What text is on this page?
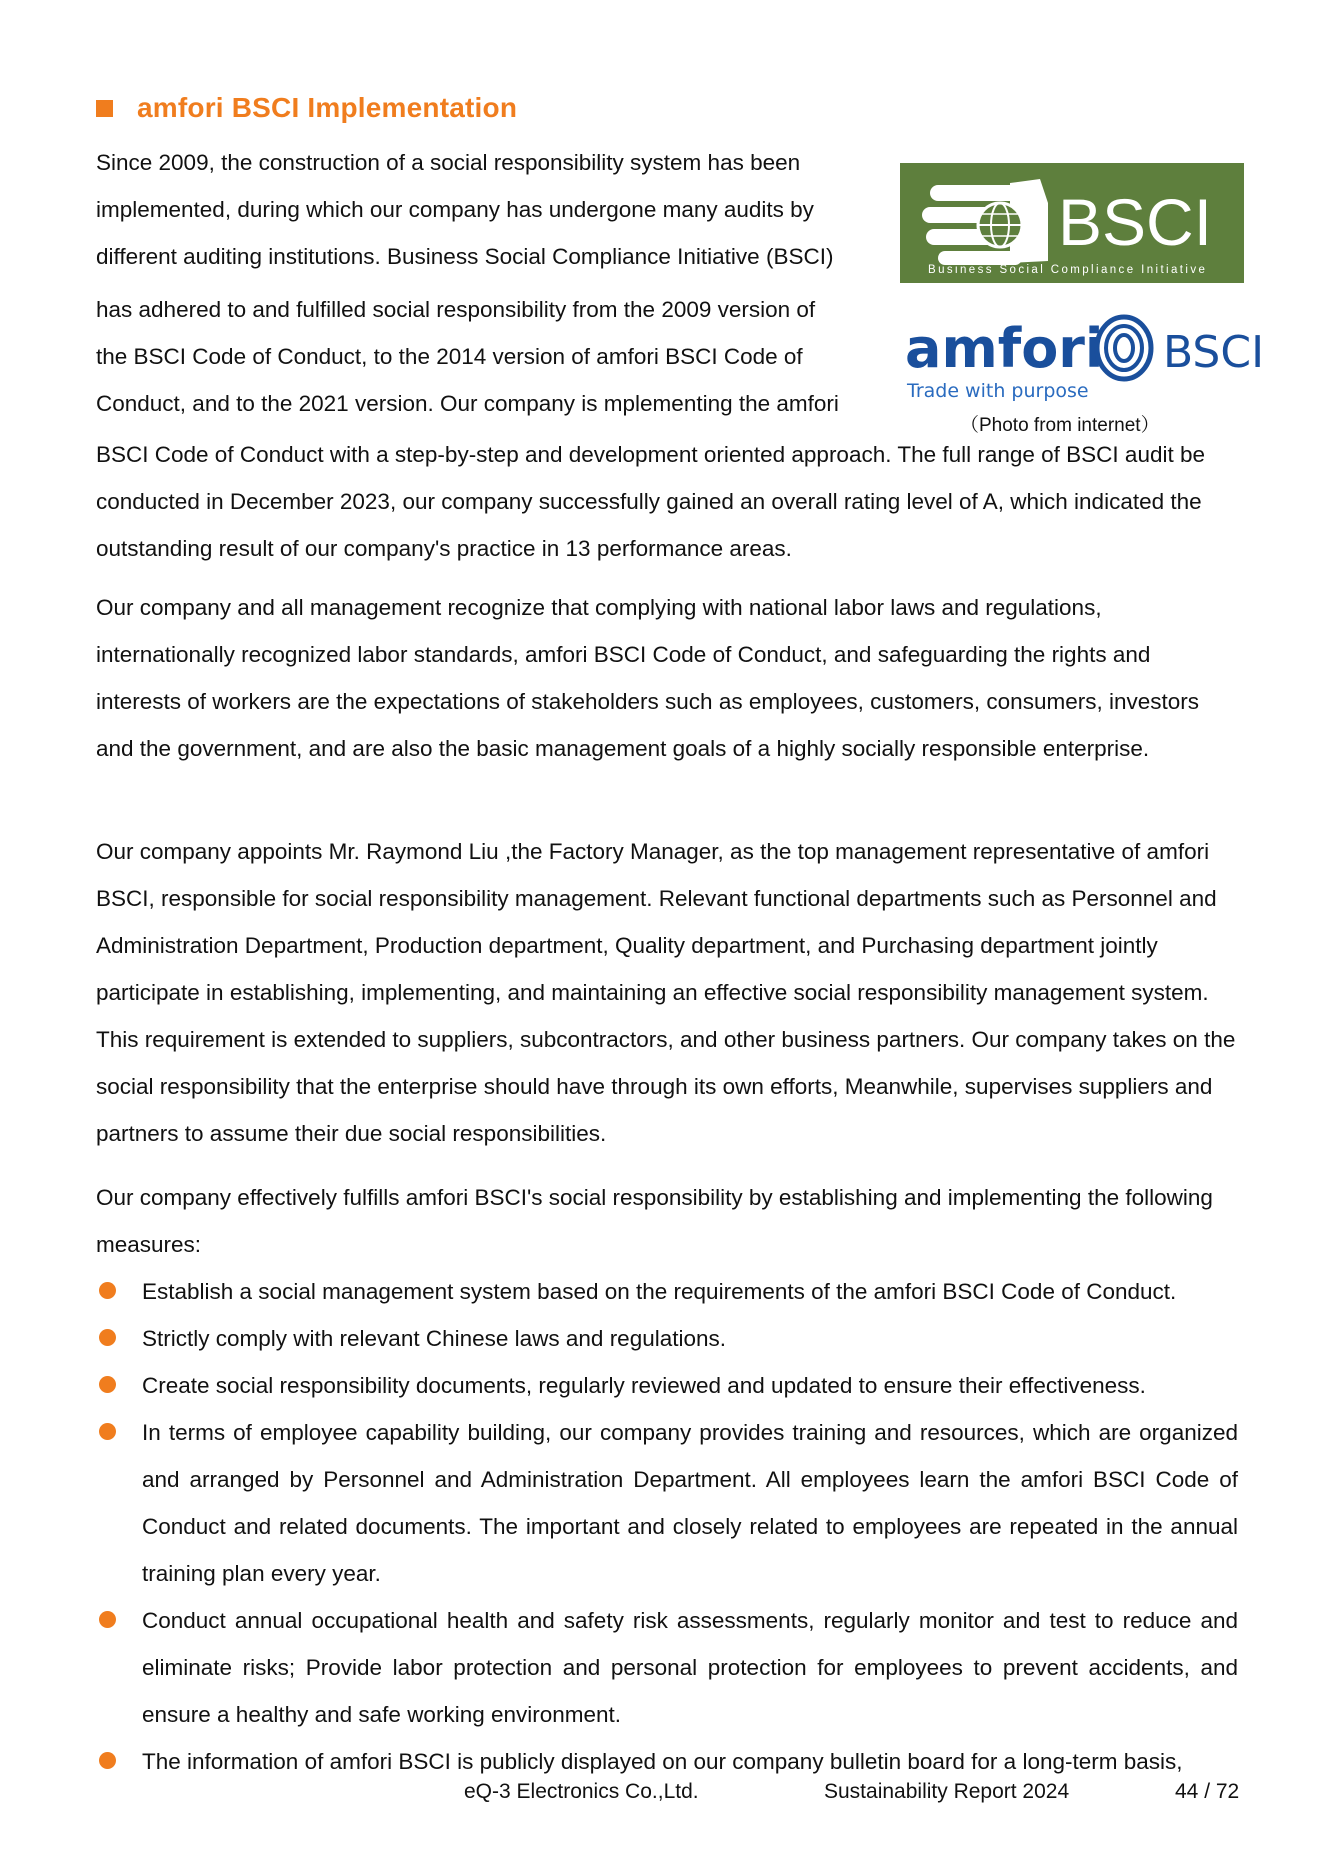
amfori BSCI Implementation
Since 2009, the construction of a social responsibility system has been
implemented, during which our company has undergone many audits by
different auditing institutions. Business Social Compliance Initiative (BSCI)
has adhered to and fulfilled social responsibility from the 2009 version of
the BSCI Code of Conduct, to the 2014 version of amfori BSCI Code of
Conduct, and to the 2021 version. Our company is mplementing the amfori
BSCI
Business Social Compliance Initiative
amfori BSCI
Trade with purpose
（Photo from internet）

BSCI Code of Conduct with a step-by-step and development oriented approach. The full range of BSCI audit be conducted in December 2023, our company successfully gained an overall rating level of A, which indicated the outstanding result of our company's practice in 13 performance areas.

Our company and all management recognize that complying with national labor laws and regulations, internationally recognized labor standards, amfori BSCI Code of Conduct, and safeguarding the rights and interests of workers are the expectations of stakeholders such as employees, customers, consumers, investors and the government, and are also the basic management goals of a highly socially responsible enterprise.

Our company appoints Mr. Raymond Liu ,the Factory Manager, as the top management representative of amfori BSCI, responsible for social responsibility management. Relevant functional departments such as Personnel and Administration Department, Production department, Quality department, and Purchasing department jointly participate in establishing, implementing, and maintaining an effective social responsibility management system. This requirement is extended to suppliers, subcontractors, and other business partners. Our company takes on the social responsibility that the enterprise should have through its own efforts, Meanwhile, supervises suppliers and partners to assume their due social responsibilities.

Our company effectively fulfills amfori BSCI's social responsibility by establishing and implementing the following measures:

Establish a social management system based on the requirements of the amfori BSCI Code of Conduct.
Strictly comply with relevant Chinese laws and regulations.
Create social responsibility documents, regularly reviewed and updated to ensure their effectiveness.
In terms of employee capability building, our company provides training and resources, which are organized and arranged by Personnel and Administration Department. All employees learn the amfori BSCI Code of Conduct and related documents. The important and closely related to employees are repeated in the annual training plan every year.
Conduct annual occupational health and safety risk assessments, regularly monitor and test to reduce and eliminate risks; Provide labor protection and personal protection for employees to prevent accidents, and ensure a healthy and safe working environment.
The information of amfori BSCI is publicly displayed on our company bulletin board for a long-term basis,
eQ-3 Electronics Co.,Ltd.	Sustainability Report 2024	44 / 72
